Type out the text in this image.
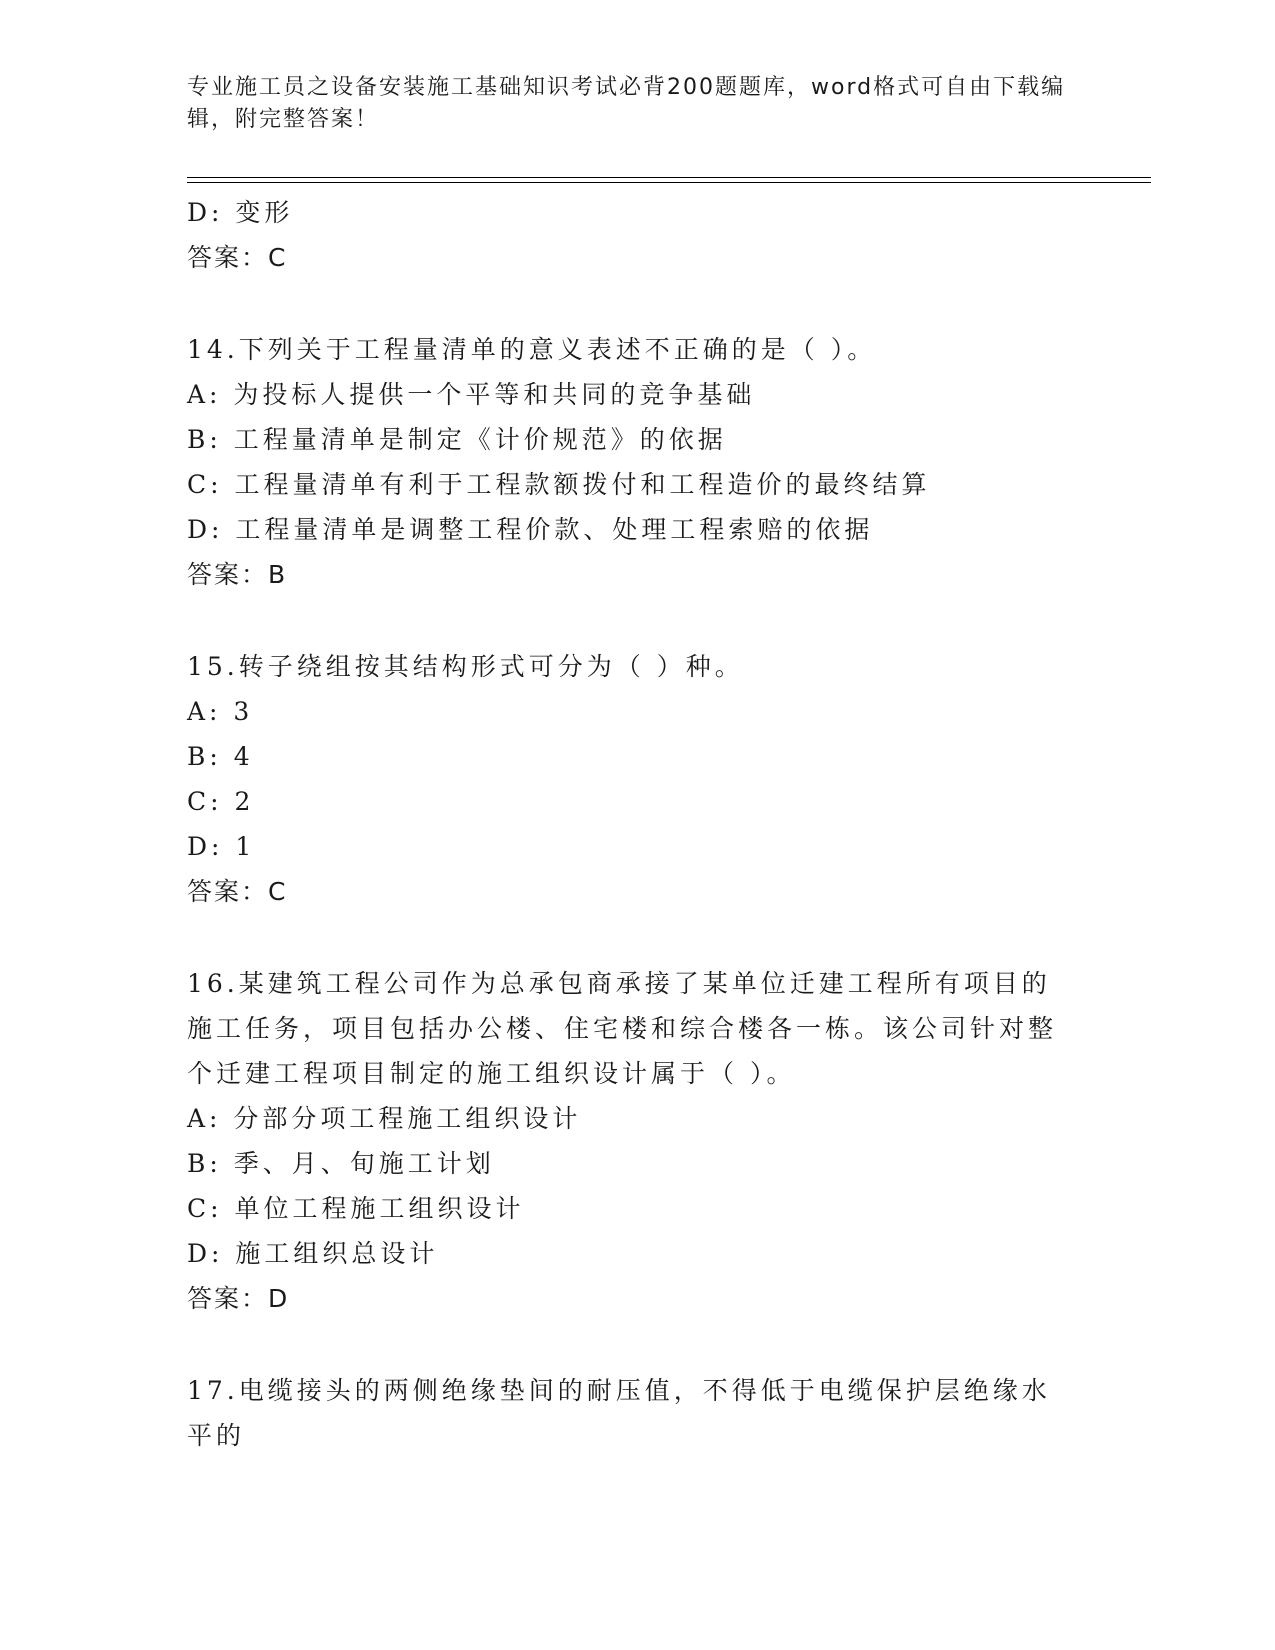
专业施工员之设备安装施工基础知识考试必背200题题库，word格式可自由下载编辑，附完整答案！
D: 变形
答案：C
14.下列关于工程量清单的意义表述不正确的是（ ）。
A: 为投标人提供一个平等和共同的竞争基础
B: 工程量清单是制定《计价规范》的依据
C: 工程量清单有利于工程款额拨付和工程造价的最终结算
D: 工程量清单是调整工程价款、处理工程索赔的依据
答案：B
15.转子绕组按其结构形式可分为（ ）种。
A: 3
B: 4
C: 2
D: 1
答案：C
16.某建筑工程公司作为总承包商承接了某单位迁建工程所有项目的施工任务，项目包括办公楼、住宅楼和综合楼各一栋。该公司针对整个迁建工程项目制定的施工组织设计属于（ ）。
A: 分部分项工程施工组织设计
B: 季、月、旬施工计划
C: 单位工程施工组织设计
D: 施工组织总设计
答案：D
17.电缆接头的两侧绝缘垫间的耐压值，不得低于电缆保护层绝缘水平的
